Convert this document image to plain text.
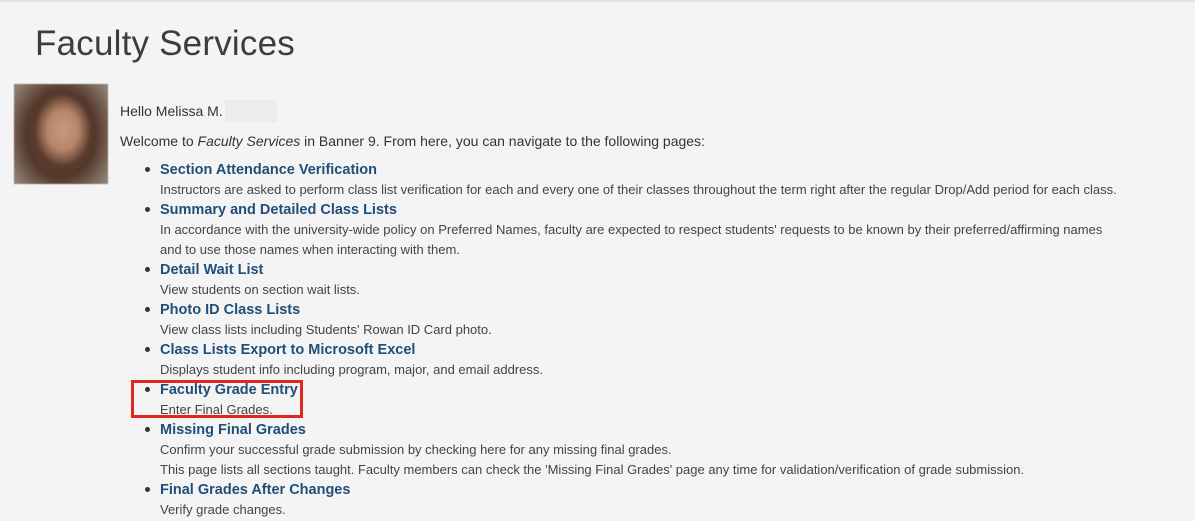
Faculty Services
Hello Melissa M.
Welcome to Faculty Services in Banner 9. From here, you can navigate to the following pages:
Section Attendance Verification
Instructors are asked to perform class list verification for each and every one of their classes throughout the term right after the regular Drop/Add period for each class.
Summary and Detailed Class Lists
In accordance with the university-wide policy on Preferred Names, faculty are expected to respect students' requests to be known by their preferred/affirming names
and to use those names when interacting with them.
Detail Wait List
View students on section wait lists.
Photo ID Class Lists
View class lists including Students' Rowan ID Card photo.
Class Lists Export to Microsoft Excel
Displays student info including program, major, and email address.
Faculty Grade Entry
Enter Final Grades.
Missing Final Grades
Confirm your successful grade submission by checking here for any missing final grades.
This page lists all sections taught. Faculty members can check the 'Missing Final Grades' page any time for validation/verification of grade submission.
Final Grades After Changes
Verify grade changes.
